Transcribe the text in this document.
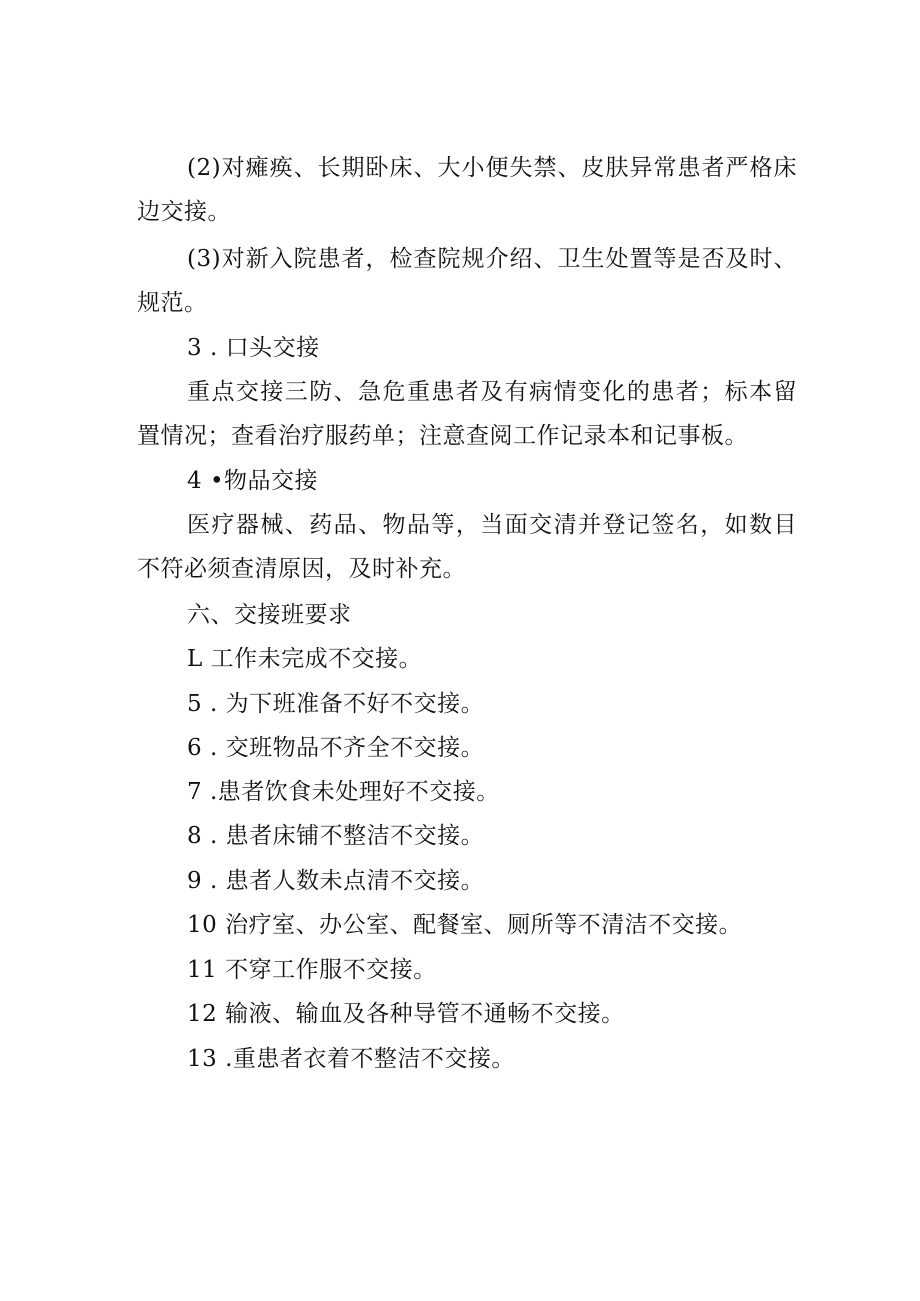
(2)对瘫痪、长期卧床、大小便失禁、皮肤异常患者严格床边交接。
(3)对新入院患者，检查院规介绍、卫生处置等是否及时、规范。
3 . 口头交接
重点交接三防、急危重患者及有病情变化的患者；标本留置情况；查看治疗服药单；注意查阅工作记录本和记事板。
4 •物品交接
医疗器械、药品、物品等，当面交清并登记签名，如数目不符必须查清原因，及时补充。
六、交接班要求
L 工作未完成不交接。
5 . 为下班准备不好不交接。
6 . 交班物品不齐全不交接。
7 .患者饮食未处理好不交接。
8 . 患者床铺不整洁不交接。
9 . 患者人数未点清不交接。
10 治疗室、办公室、配餐室、厕所等不清洁不交接。
11 不穿工作服不交接。
12 输液、输血及各种导管不通畅不交接。
13 .重患者衣着不整洁不交接。
